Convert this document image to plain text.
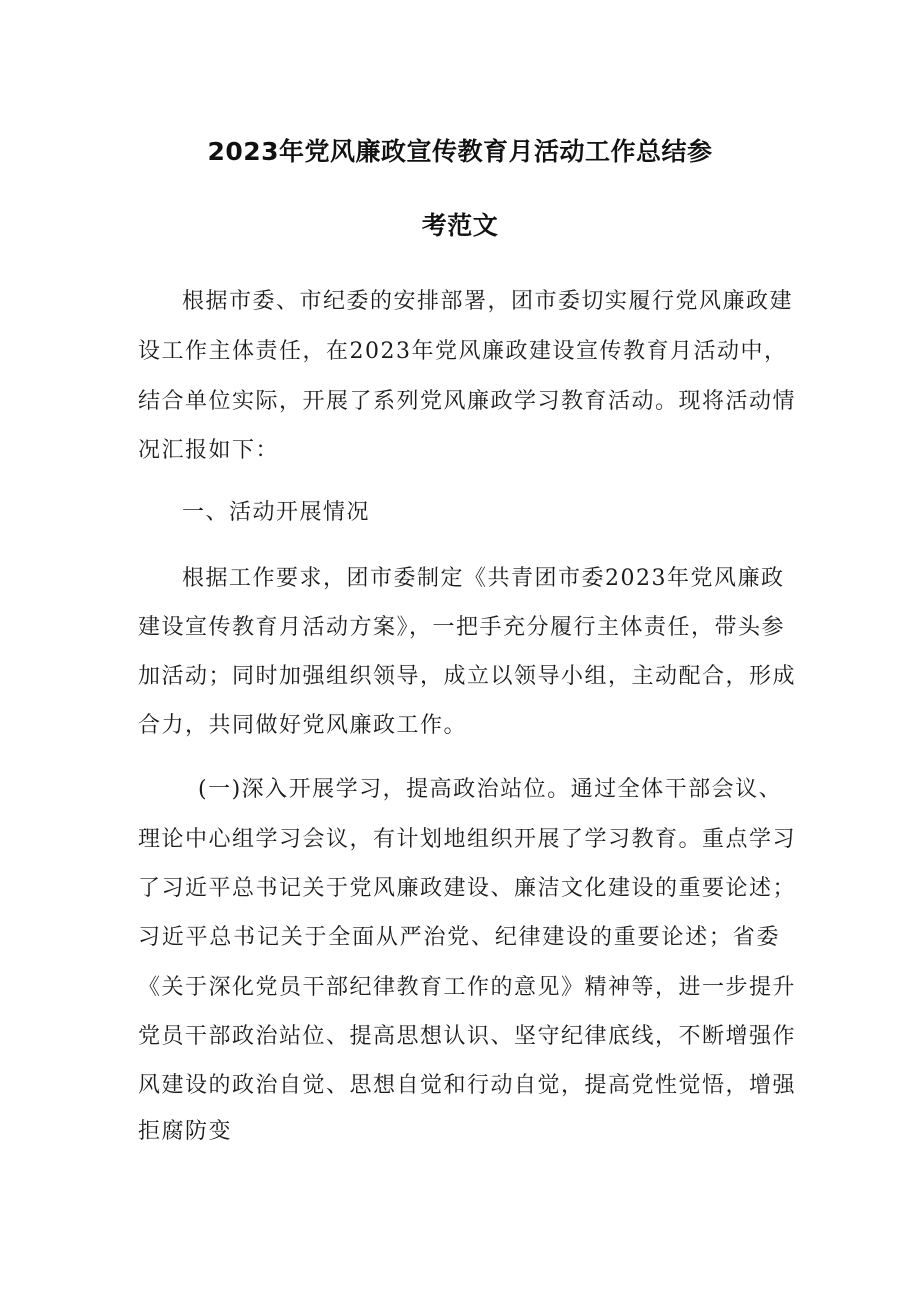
2023年党风廉政宣传教育月活动工作总结参
考范文
根据市委、市纪委的安排部署，团市委切实履行党风廉政建
设工作主体责任，在2023年党风廉政建设宣传教育月活动中，
结合单位实际，开展了系列党风廉政学习教育活动。现将活动情
况汇报如下：
一、活动开展情况
根据工作要求，团市委制定《共青团市委2023年党风廉政
建设宣传教育月活动方案》，一把手充分履行主体责任，带头参
加活动；同时加强组织领导，成立以领导小组，主动配合，形成
合力，共同做好党风廉政工作。
(一)深入开展学习，提高政治站位。通过全体干部会议、
理论中心组学习会议，有计划地组织开展了学习教育。重点学习
了习近平总书记关于党风廉政建设、廉洁文化建设的重要论述；
习近平总书记关于全面从严治党、纪律建设的重要论述；省委
《关于深化党员干部纪律教育工作的意见》精神等，进一步提升
党员干部政治站位、提高思想认识、坚守纪律底线，不断增强作
风建设的政治自觉、思想自觉和行动自觉，提高党性觉悟，增强
拒腐防变
